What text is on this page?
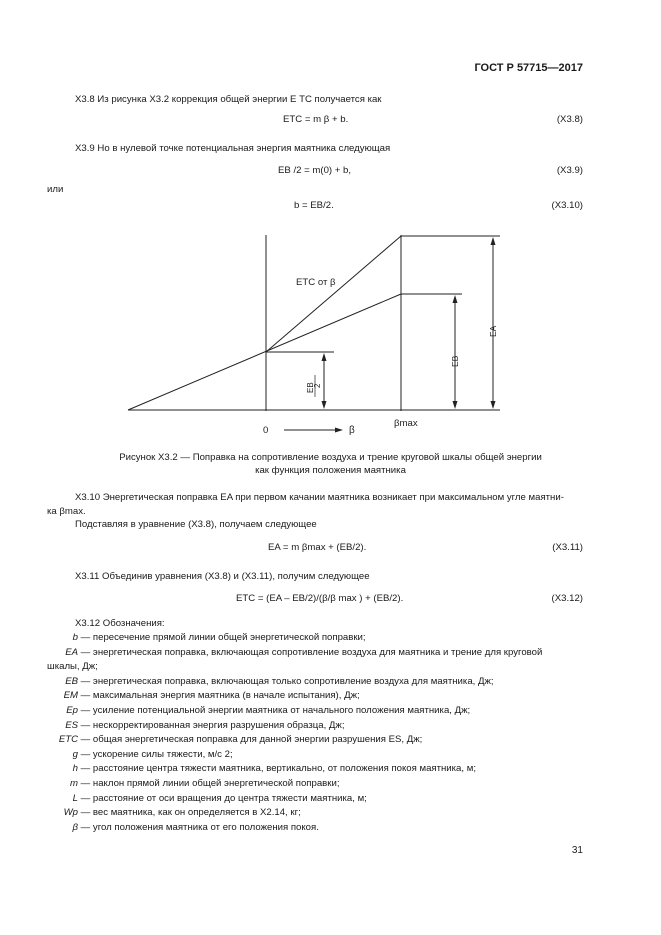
ГОСТ Р 57715—2017
X3.8 Из рисунка X3.2 коррекция общей энергии E ТС получается как
EТС = m β + b.	(X3.8)
X3.9 Но в нулевой точке потенциальная энергия маятника следующая
EB /2 = m(0) + b,	(X3.9)
или
b = EB/2.	(X3.10)
EТС от β
EB
2
EB
EA
0	β
βmax
Рисунок X3.2 — Поправка на сопротивление воздуха и трение круговой шкалы общей энергии
как функция положения маятника
X3.10 Энергетическая поправка EA при первом качании маятника возникает при максимальном угле маятни-
ка βmax.
Подставляя в уравнение (X3.8), получаем следующее
EA = m βmax + (EB/2).	(X3.11)
X3.11 Объединив уравнения (X3.8) и (X3.11), получим следующее
EТС = (EA – EB/2)/(β/β max ) + (EB/2).	(X3.12)
X3.12 Обозначения:
b — пересечение прямой линии общей энергетической поправки;
EA — энергетическая поправка, включающая сопротивление воздуха для маятника и трение для круговой
шкалы, Дж;
EB — энергетическая поправка, включающая только сопротивление воздуха для маятника, Дж;
EM — максимальная энергия маятника (в начале испытания), Дж;
Ep — усиление потенциальной энергии маятника от начального положения маятника, Дж;
ES — нескорректированная энергия разрушения образца, Дж;
ETC — общая энергетическая поправка для данной энергии разрушения ES, Дж;
g — ускорение силы тяжести, м/с 2;
h — расстояние центра тяжести маятника, вертикально, от положения покоя маятника, м;
m — наклон прямой линии общей энергетической поправки;
L — расстояние от оси вращения до центра тяжести маятника, м;
Wp — вес маятника, как он определяется в X2.14, кг;
β — угол положения маятника от его положения покоя.
31
